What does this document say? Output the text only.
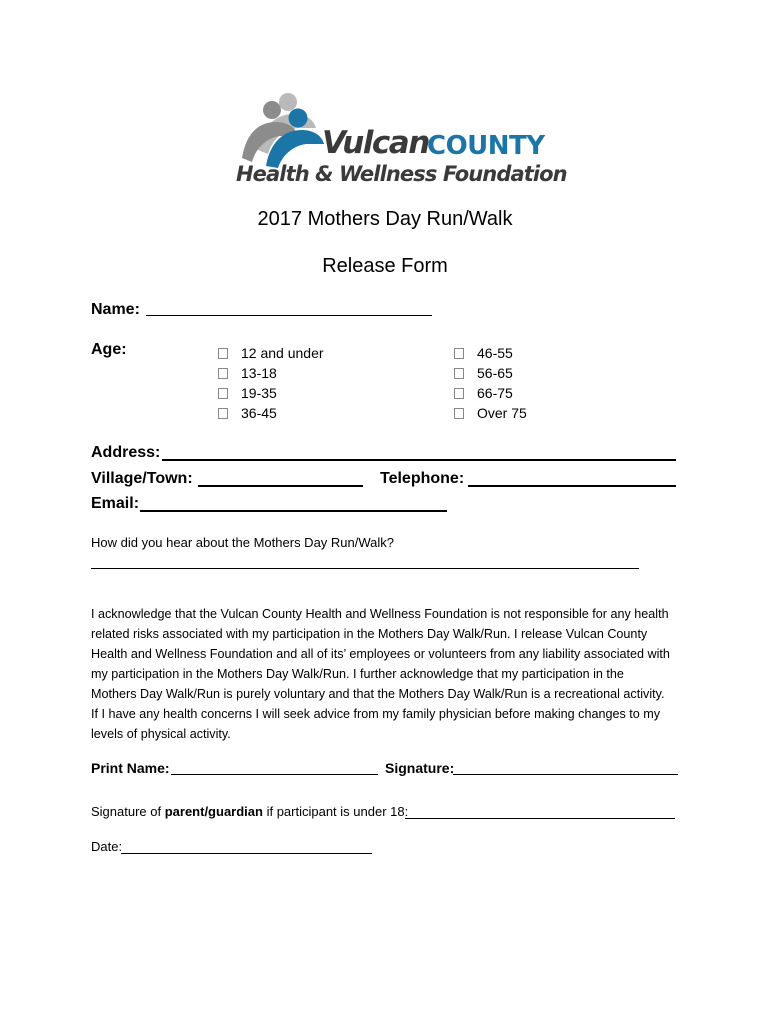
Vulcan
COUNTY
Health & Wellness Foundation
2017 Mothers Day Run/Walk
Release Form
Name:
Age:	12 and under
13-18
19-35
36-45
46-55
56-65
66-75
Over 75
Address:
Village/Town:	Telephone:
Email:
How did you hear about the Mothers Day Run/Walk?
I acknowledge that the Vulcan County Health and Wellness Foundation is not responsible for any health
related risks associated with my participation in the Mothers Day Walk/Run. I release Vulcan County
Health and Wellness Foundation and all of its’ employees or volunteers from any liability associated with
my participation in the Mothers Day Walk/Run. I further acknowledge that my participation in the
Mothers Day Walk/Run is purely voluntary and that the Mothers Day Walk/Run is a recreational activity.
If I have any health concerns I will seek advice from my family physician before making changes to my
levels of physical activity.
Print Name:	Signature:
Signature of parent/guardian if participant is under 18:
Date:
